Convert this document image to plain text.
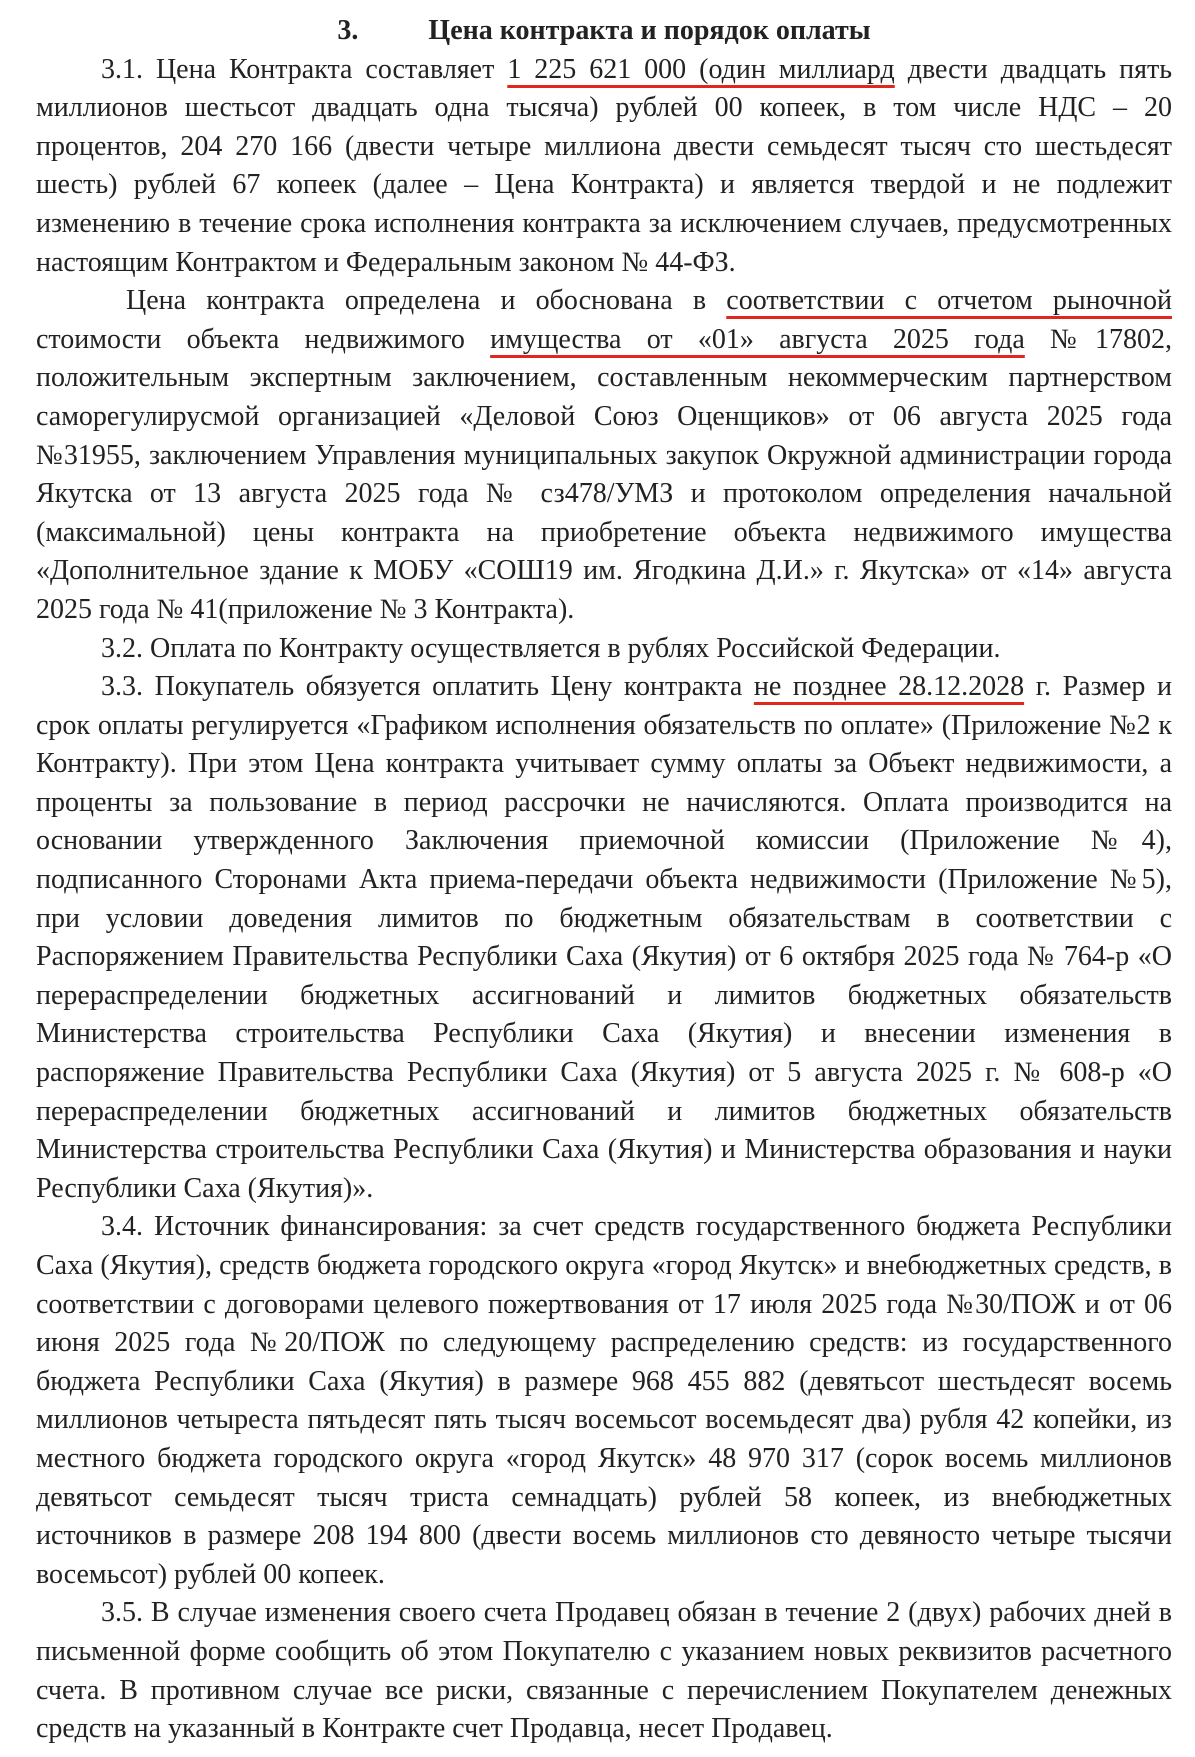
3.	Цена контракта и порядок оплаты

3.1. Цена Контракта составляет 1 225 621 000 (один миллиард двести двадцать пять миллионов шестьсот двадцать одна тысяча) рублей 00 копеек, в том числе НДС – 20 процентов, 204 270 166 (двести четыре миллиона двести семьдесят тысяч сто шестьдесят шесть) рублей 67 копеек (далее – Цена Контракта) и является твердой и не подлежит изменению в течение срока исполнения контракта за исключением случаев, предусмотренных настоящим Контрактом и Федеральным законом № 44-ФЗ.

Цена контракта определена и обоснована в соответствии с отчетом рыночной стоимости объекта недвижимого имущества от «01» августа 2025 года №17802, положительным экспертным заключением, составленным некоммерческим партнерством саморегулирусмой организацией «Деловой Союз Оценщиков» от 06 августа 2025 года №31955, заключением Управления муниципальных закупок Окружной администрации города Якутска от 13 августа 2025 года № сз478/УМЗ и протоколом определения начальной (максимальной) цены контракта на приобретение объекта недвижимого имущества «Дополнительное здание к МОБУ «СОШ19 им. Ягодкина Д.И.» г. Якутска» от «14» августа 2025 года № 41(приложение № 3 Контракта).

3.2. Оплата по Контракту осуществляется в рублях Российской Федерации.

3.3. Покупатель обязуется оплатить Цену контракта не позднее 28.12.2028 г. Размер и срок оплаты регулируется «Графиком исполнения обязательств по оплате» (Приложение №2 к Контракту). При этом Цена контракта учитывает сумму оплаты за Объект недвижимости, а проценты за пользование в период рассрочки не начисляются. Оплата производится на основании утвержденного Заключения приемочной комиссии (Приложение №4), подписанного Сторонами Акта приема-передачи объекта недвижимости (Приложение №5), при условии доведения лимитов по бюджетным обязательствам в соответствии с Распоряжением Правительства Республики Саха (Якутия) от 6 октября 2025 года № 764-р «О перераспределении бюджетных ассигнований и лимитов бюджетных обязательств Министерства строительства Республики Саха (Якутия) и внесении изменения в распоряжение Правительства Республики Саха (Якутия) от 5 августа 2025 г. № 608-р «О перераспределении бюджетных ассигнований и лимитов бюджетных обязательств Министерства строительства Республики Саха (Якутия) и Министерства образования и науки Республики Саха (Якутия)».

3.4. Источник финансирования: за счет средств государственного бюджета Республики Саха (Якутия), средств бюджета городского округа «город Якутск» и внебюджетных средств, в соответствии с договорами целевого пожертвования от 17 июля 2025 года №30/ПОЖ и от 06 июня 2025 года №20/ПОЖ по следующему распределению средств: из государственного бюджета Республики Саха (Якутия) в размере 968 455 882 (девятьсот шестьдесят восемь миллионов четыреста пятьдесят пять тысяч восемьсот восемьдесят два) рубля 42 копейки, из местного бюджета городского округа «город Якутск» 48 970 317 (сорок восемь миллионов девятьсот семьдесят тысяч триста семнадцать) рублей 58 копеек, из внебюджетных источников в размере 208 194 800 (двести восемь миллионов сто девяносто четыре тысячи восемьсот) рублей 00 копеек.

3.5. В случае изменения своего счета Продавец обязан в течение 2 (двух) рабочих дней в письменной форме сообщить об этом Покупателю с указанием новых реквизитов расчетного счета. В противном случае все риски, связанные с перечислением Покупателем денежных средств на указанный в Контракте счет Продавца, несет Продавец.
